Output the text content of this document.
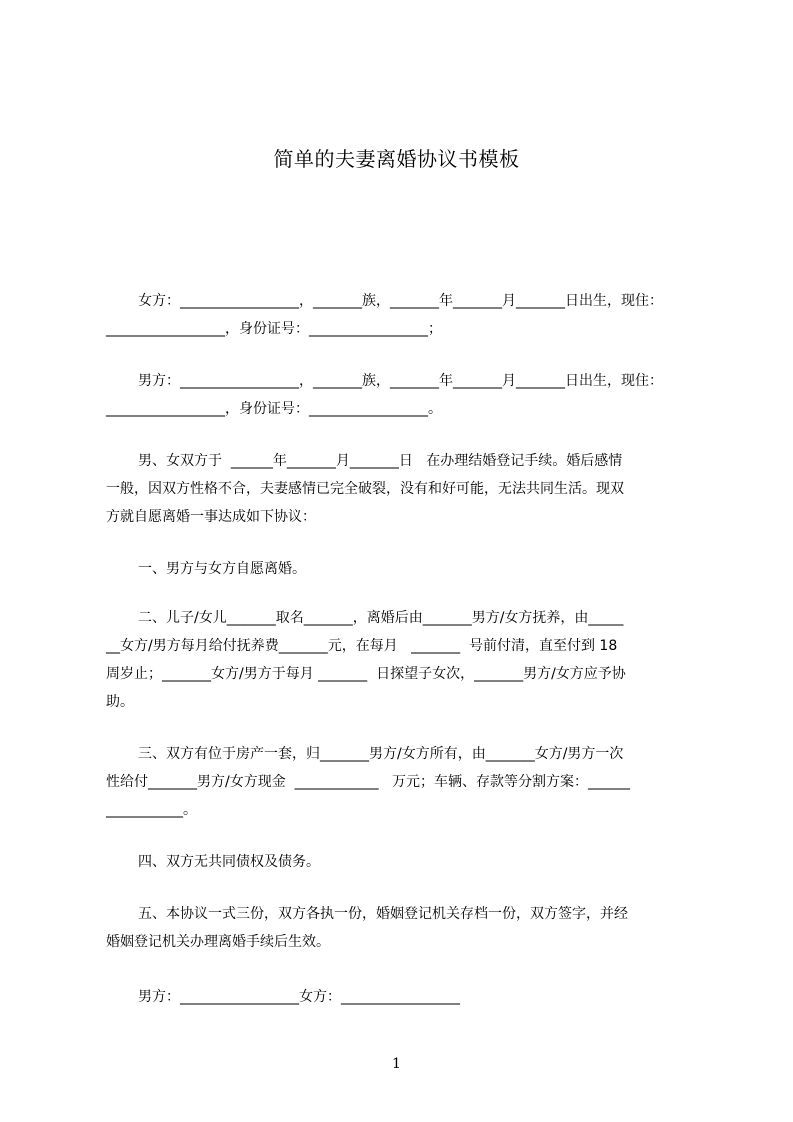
简单的夫妻离婚协议书模板
女方：_________________，_______族，_______年_______月_______日出生，现住：
_________________，身份证号：_________________；
男方：_________________，_______族，_______年_______月_______日出生，现住：
_________________，身份证号：_________________。
男、女双方于  ______年_______月_______日   在办理结婚登记手续。婚后感情
一般，因双方性格不合，夫妻感情已完全破裂，没有和好可能，无法共同生活。现双
方就自愿离婚一事达成如下协议：
一、男方与女方自愿离婚。
二、儿子/女儿_______取名_______，离婚后由_______男方/女方抚养，由_____
__女方/男方每月给付抚养费_______元，在每月   _______  号前付清，直至付到 18
周岁止；_______女方/男方于每月 _______  日探望子女次，_______男方/女方应予协
助。
三、双方有位于房产一套，归_______男方/女方所有，由_______女方/男方一次
性给付_______男方/女方现金  ____________   万元；车辆、存款等分割方案：______
___________。
四、双方无共同债权及债务。
五、本协议一式三份，双方各执一份，婚姻登记机关存档一份，双方签字，并经
婚姻登记机关办理离婚手续后生效。
男方：_________________女方：_________________
1
